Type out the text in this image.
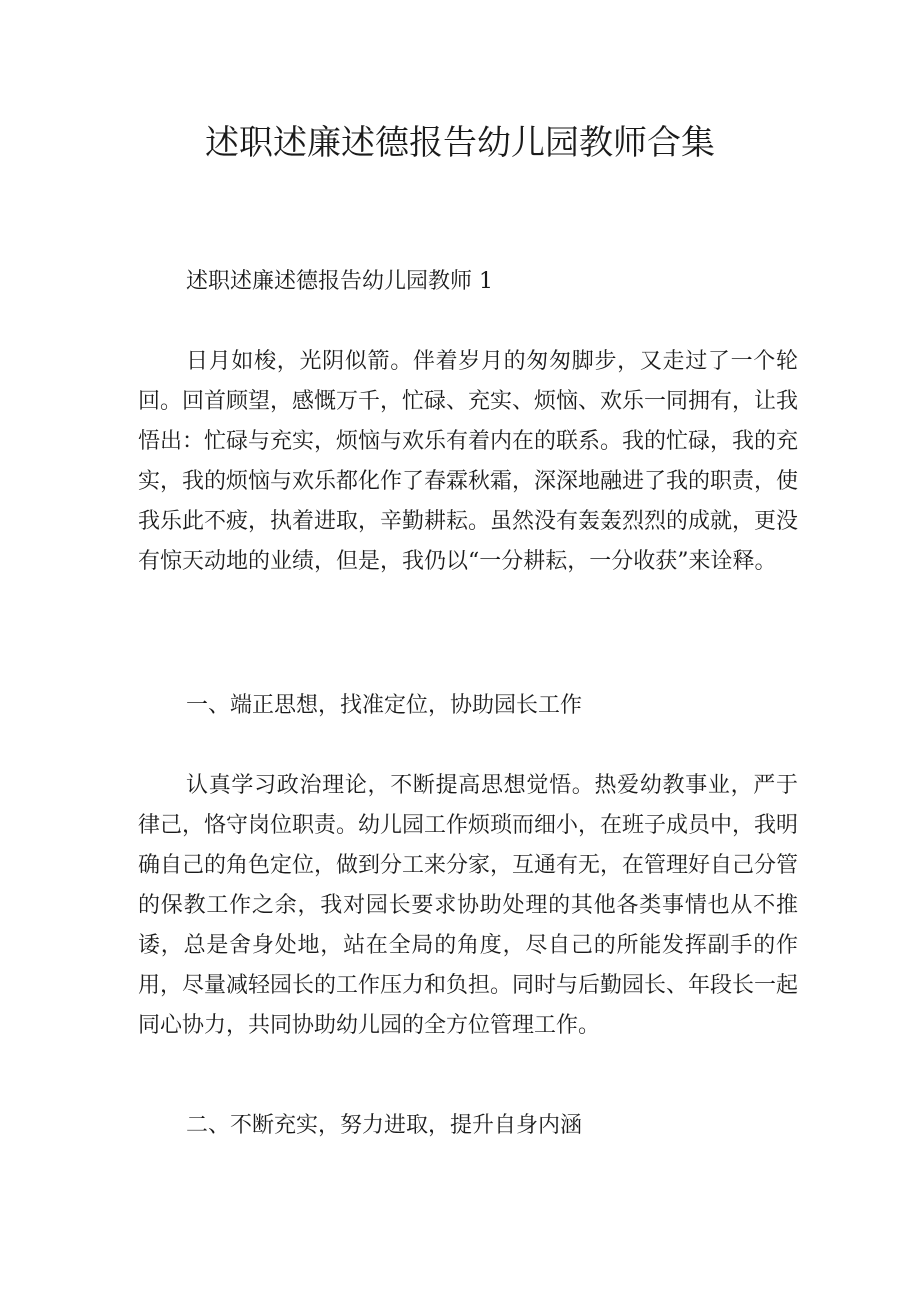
述职述廉述德报告幼儿园教师合集

述职述廉述德报告幼儿园教师 1

日月如梭，光阴似箭。伴着岁月的匆匆脚步，又走过了一个轮回。回首顾望，感慨万千，忙碌、充实、烦恼、欢乐一同拥有，让我悟出：忙碌与充实，烦恼与欢乐有着内在的联系。我的忙碌，我的充实，我的烦恼与欢乐都化作了春霖秋霜，深深地融进了我的职责，使我乐此不疲，执着进取，辛勤耕耘。虽然没有轰轰烈烈的成就，更没有惊天动地的业绩，但是，我仍以“一分耕耘，一分收获”来诠释。

一、端正思想，找准定位，协助园长工作

认真学习政治理论，不断提高思想觉悟。热爱幼教事业，严于律己，恪守岗位职责。幼儿园工作烦琐而细小，在班子成员中，我明确自己的角色定位，做到分工来分家，互通有无，在管理好自己分管的保教工作之余，我对园长要求协助处理的其他各类事情也从不推诿，总是舍身处地，站在全局的角度，尽自己的所能发挥副手的作用，尽量减轻园长的工作压力和负担。同时与后勤园长、年段长一起同心协力，共同协助幼儿园的全方位管理工作。

二、不断充实，努力进取，提升自身内涵
